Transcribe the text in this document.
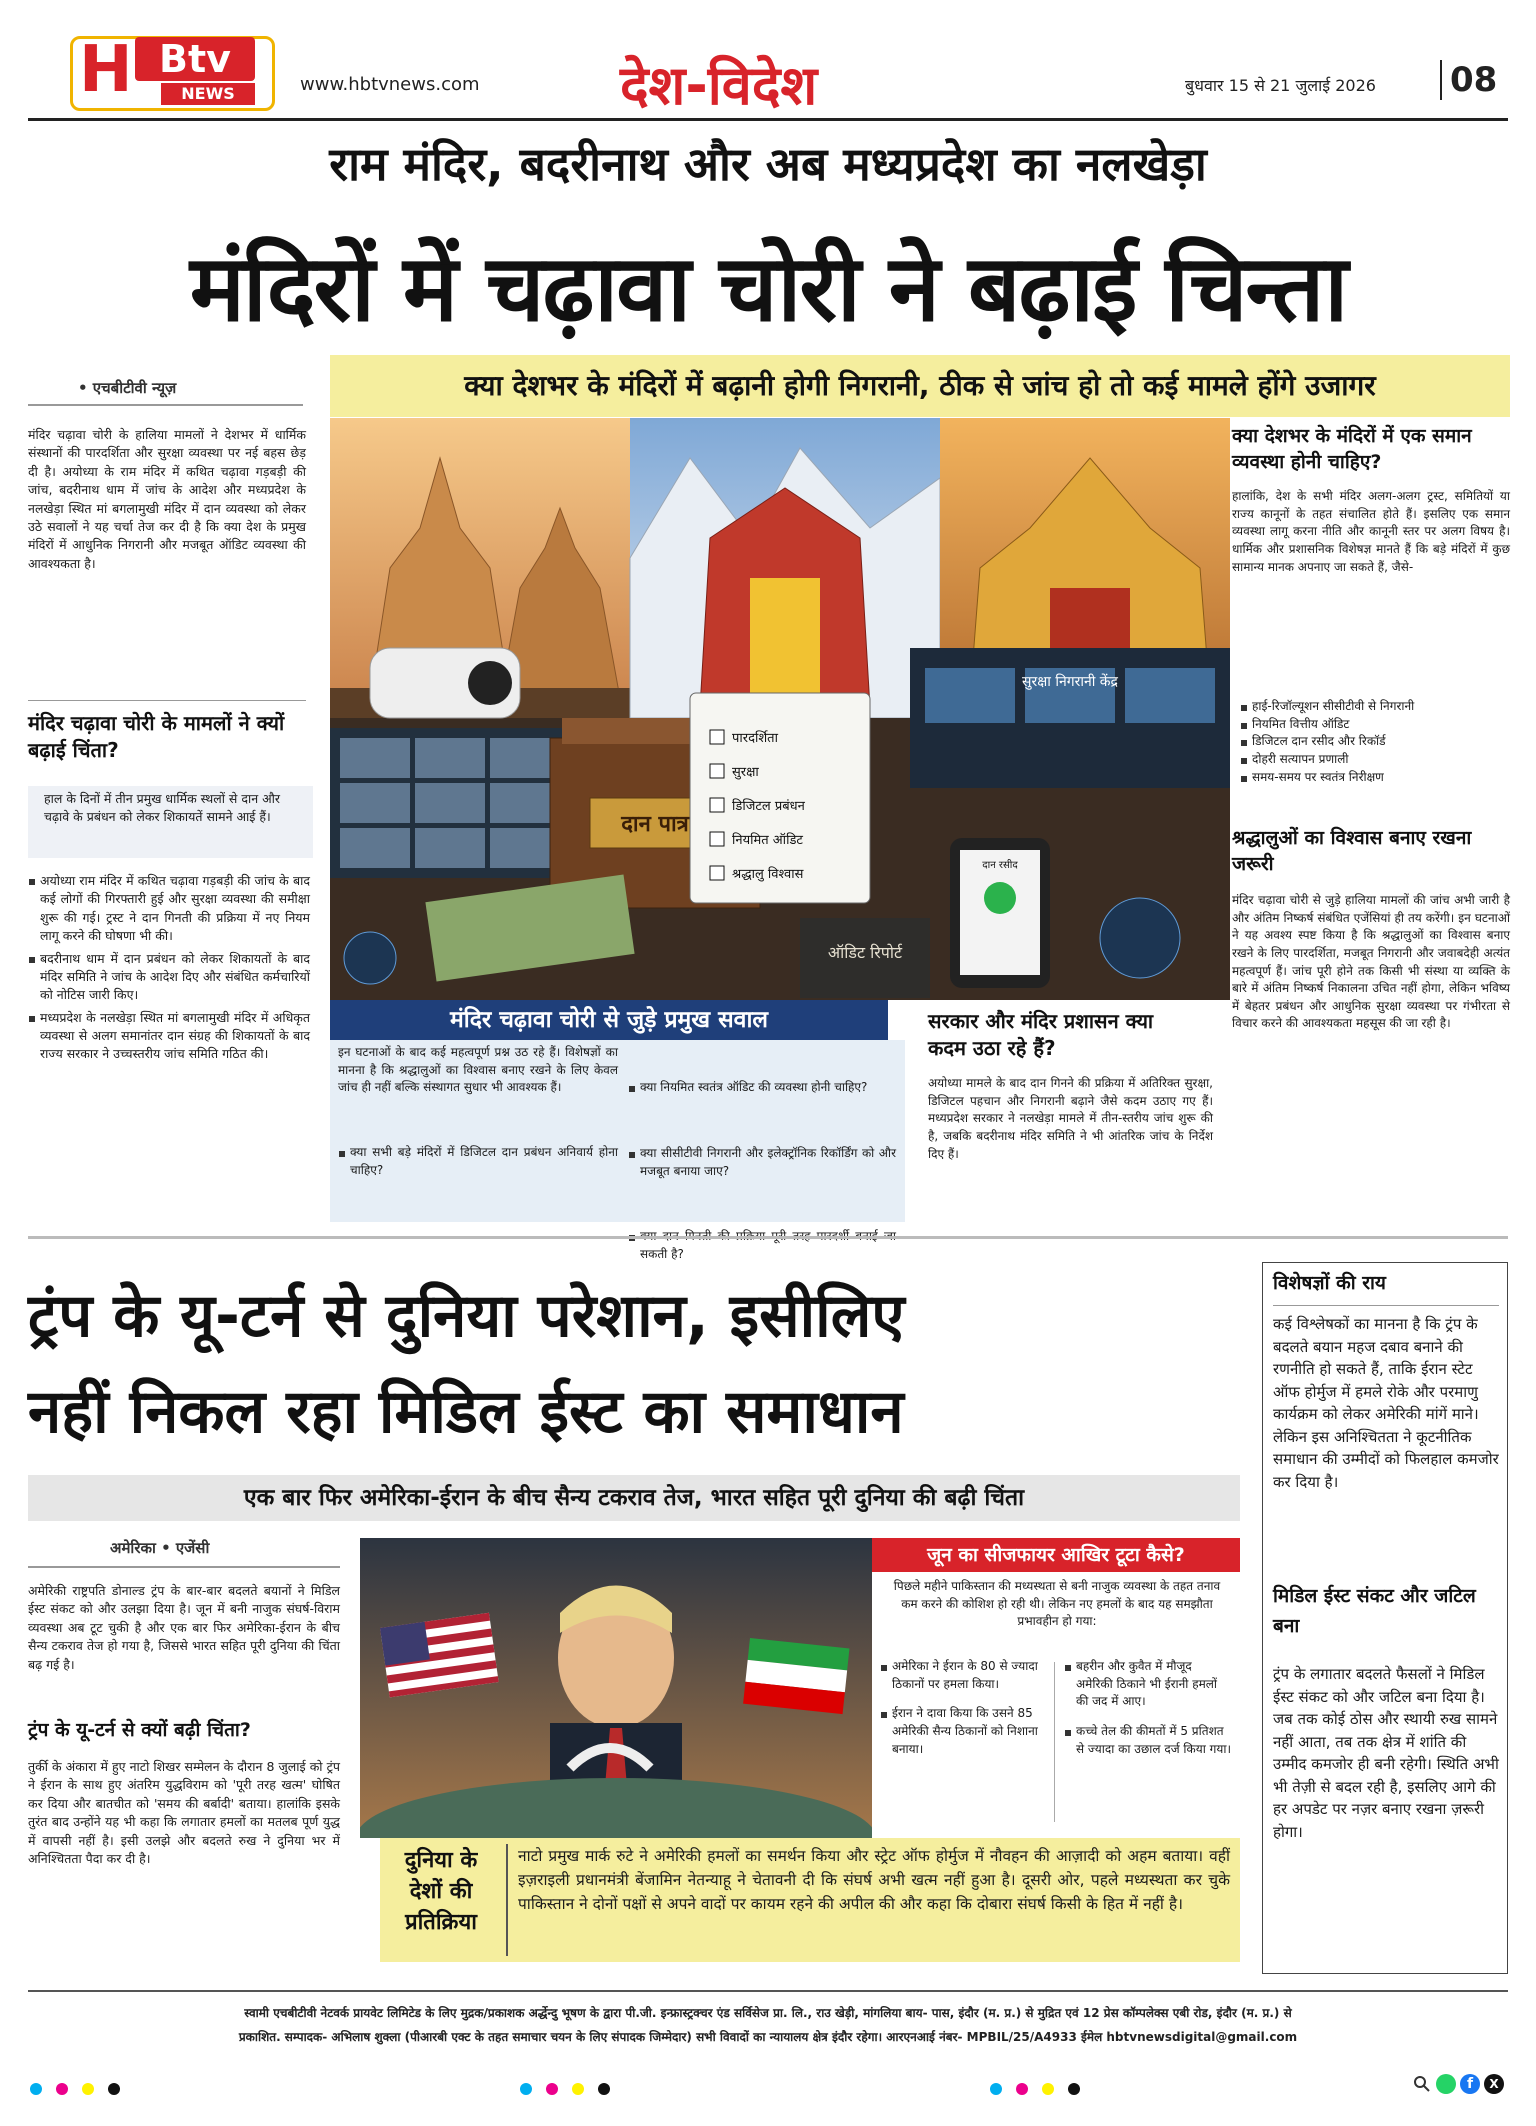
H Btv
NEWS	www.hbtvnews.com	देश-विदेश	बुधवार 15 से 21 जुलाई 2026 08
राम मंदिर, बदरीनाथ और अब मध्यप्रदेश का नलखेड़ा
मंदिरों में चढ़ावा चोरी ने बढ़ाई चिन्ता
क्या देशभर के मंदिरों में बढ़ानी होगी निगरानी, ठीक से जांच हो तो कई मामले होंगे उजागर
• एचबीटीवी न्यूज़
मंदिर चढ़ावा चोरी के हालिया मामलों ने देशभर में धार्मिक संस्थानों की पारदर्शिता और सुरक्षा व्यवस्था पर नई बहस छेड़ दी है। अयोध्या के राम मंदिर में कथित चढ़ावा गड़बड़ी की जांच, बदरीनाथ धाम में जांच के आदेश और मध्यप्रदेश के नलखेड़ा स्थित मां बगलामुखी मंदिर में दान व्यवस्था को लेकर उठे सवालों ने यह चर्चा तेज कर दी है कि क्या देश के प्रमुख मंदिरों में आधुनिक निगरानी और मजबूत ऑडिट व्यवस्था की आवश्यकता है।
मंदिर चढ़ावा चोरी के मामलों ने क्यों बढ़ाई चिंता?
हाल के दिनों में तीन प्रमुख धार्मिक स्थलों से दान और चढ़ावे के प्रबंधन को लेकर शिकायतें सामने आई हैं।
अयोध्या राम मंदिर में कथित चढ़ावा गड़बड़ी की जांच के बाद कई लोगों की गिरफ्तारी हुई और सुरक्षा व्यवस्था की समीक्षा शुरू की गई। ट्रस्ट ने दान गिनती की प्रक्रिया में नए नियम लागू करने की घोषणा भी की।
बदरीनाथ धाम में दान प्रबंधन को लेकर शिकायतों के बाद मंदिर समिति ने जांच के आदेश दिए और संबंधित कर्मचारियों को नोटिस जारी किए।
मध्यप्रदेश के नलखेड़ा स्थित मां बगलामुखी मंदिर में अधिकृत व्यवस्था से अलग समानांतर दान संग्रह की शिकायतों के बाद राज्य सरकार ने उच्चस्तरीय जांच समिति गठित की।
दान पात्र
पारदर्शिता
सुरक्षा
डिजिटल प्रबंधन
नियमित ऑडिट
श्रद्धालु विश्वास
सुरक्षा निगरानी केंद्र
दान रसीद
ऑडिट रिपोर्ट
मंदिर चढ़ावा चोरी से जुड़े प्रमुख सवाल
इन घटनाओं के बाद कई महत्वपूर्ण प्रश्न उठ रहे हैं। विशेषज्ञों का मानना है कि श्रद्धालुओं का विश्वास बनाए रखने के लिए केवल जांच ही नहीं बल्कि संस्थागत सुधार भी आवश्यक हैं।
क्या सभी बड़े मंदिरों में डिजिटल दान प्रबंधन अनिवार्य होना चाहिए?
क्या नियमित स्वतंत्र ऑडिट की व्यवस्था होनी चाहिए?
क्या सीसीटीवी निगरानी और इलेक्ट्रॉनिक रिकॉर्डिंग को और मजबूत बनाया जाए?
सकती है?
सरकार और मंदिर प्रशासन क्या कदम उठा रहे हैं?
अयोध्या मामले के बाद दान गिनने की प्रक्रिया में अतिरिक्त सुरक्षा, डिजिटल पहचान और निगरानी बढ़ाने जैसे कदम उठाए गए हैं। मध्यप्रदेश सरकार ने नलखेड़ा मामले में तीन-स्तरीय जांच शुरू की है, जबकि बदरीनाथ मंदिर समिति ने भी आंतरिक जांच के निर्देश दिए हैं।
क्या देशभर के मंदिरों में एक समान व्यवस्था होनी चाहिए?
हालांकि, देश के सभी मंदिर अलग-अलग ट्रस्ट, समितियों या राज्य कानूनों के तहत संचालित होते हैं। इसलिए एक समान व्यवस्था लागू करना नीति और कानूनी स्तर पर अलग विषय है। धार्मिक और प्रशासनिक विशेषज्ञ मानते हैं कि बड़े मंदिरों में कुछ सामान्य मानक अपनाए जा सकते हैं, जैसे-
हाई-रिजॉल्यूशन सीसीटीवी से निगरानी
नियमित वित्तीय ऑडिट
डिजिटल दान रसीद और रिकॉर्ड
दोहरी सत्यापन प्रणाली
समय-समय पर स्वतंत्र निरीक्षण
श्रद्धालुओं का विश्वास बनाए रखना जरूरी
मंदिर चढ़ावा चोरी से जुड़े हालिया मामलों की जांच अभी जारी है और अंतिम निष्कर्ष संबंधित एजेंसियां ही तय करेंगी। इन घटनाओं ने यह अवश्य स्पष्ट किया है कि श्रद्धालुओं का विश्वास बनाए रखने के लिए पारदर्शिता, मजबूत निगरानी और जवाबदेही अत्यंत महत्वपूर्ण हैं। जांच पूरी होने तक किसी भी संस्था या व्यक्ति के बारे में अंतिम निष्कर्ष निकालना उचित नहीं होगा, लेकिन भविष्य में बेहतर प्रबंधन और आधुनिक सुरक्षा व्यवस्था पर गंभीरता से विचार करने की आवश्यकता महसूस की जा रही है।
ट्रंप के यू-टर्न से दुनिया परेशान, इसीलिए
नहीं निकल रहा मिडिल ईस्ट का समाधान
एक बार फिर अमेरिका-ईरान के बीच सैन्य टकराव तेज, भारत सहित पूरी दुनिया की बढ़ी चिंता
अमेरिका • एजेंसी
अमेरिकी राष्ट्रपति डोनाल्ड ट्रंप के बार-बार बदलते बयानों ने मिडिल ईस्ट संकट को और उलझा दिया है। जून में बनी नाजुक संघर्ष-विराम व्यवस्था अब टूट चुकी है और एक बार फिर अमेरिका-ईरान के बीच सैन्य टकराव तेज हो गया है, जिससे भारत सहित पूरी दुनिया की चिंता बढ़ गई है।
ट्रंप के यू-टर्न से क्यों बढ़ी चिंता?
तुर्की के अंकारा में हुए नाटो शिखर सम्मेलन के दौरान 8 जुलाई को ट्रंप ने ईरान के साथ हुए अंतरिम युद्धविराम को 'पूरी तरह खत्म' घोषित कर दिया और बातचीत को 'समय की बर्बादी' बताया। हालांकि इसके तुरंत बाद उन्होंने यह भी कहा कि लगातार हमलों का मतलब पूर्ण युद्ध में वापसी नहीं है। इसी उलझे और बदलते रुख ने दुनिया भर में अनिश्चितता पैदा कर दी है।
जून का सीजफायर आखिर टूटा कैसे?
पिछले महीने पाकिस्तान की मध्यस्थता से बनी नाजुक व्यवस्था के तहत तनाव कम करने की कोशिश हो रही थी। लेकिन नए हमलों के बाद यह समझौता प्रभावहीन हो गया:
अमेरिका ने ईरान के 80 से ज्यादा ठिकानों पर हमला किया।
ईरान ने दावा किया कि उसने 85 अमेरिकी सैन्य ठिकानों को निशाना बनाया।
बहरीन और कुवैत में मौजूद अमेरिकी ठिकाने भी ईरानी हमलों की जद में आए।
कच्चे तेल की कीमतों में 5 प्रतिशत से ज्यादा का उछाल दर्ज किया गया।
दुनिया के देशों की प्रतिक्रिया
नाटो प्रमुख मार्क रुटे ने अमेरिकी हमलों का समर्थन किया और स्ट्रेट ऑफ होर्मुज में नौवहन की आज़ादी को अहम बताया। वहीं इज़राइली प्रधानमंत्री बेंजामिन नेतन्याहू ने चेतावनी दी कि संघर्ष अभी खत्म नहीं हुआ है। दूसरी ओर, पहले मध्यस्थता कर चुके पाकिस्तान ने दोनों पक्षों से अपने वादों पर कायम रहने की अपील की और कहा कि दोबारा संघर्ष किसी के हित में नहीं है।
विशेषज्ञों की राय
कई विश्लेषकों का मानना है कि ट्रंप के बदलते बयान महज दबाव बनाने की रणनीति हो सकते हैं, ताकि ईरान स्टेट ऑफ होर्मुज में हमले रोके और परमाणु कार्यक्रम को लेकर अमेरिकी मांगें माने। लेकिन इस अनिश्चितता ने कूटनीतिक समाधान की उम्मीदों को फिलहाल कमजोर कर दिया है।
मिडिल ईस्ट संकट और जटिल बना
ट्रंप के लगातार बदलते फैसलों ने मिडिल ईस्ट संकट को और जटिल बना दिया है। जब तक कोई ठोस और स्थायी रुख सामने नहीं आता, तब तक क्षेत्र में शांति की उम्मीद कमजोर ही बनी रहेगी। स्थिति अभी भी तेज़ी से बदल रही है, इसलिए आगे की हर अपडेट पर नज़र बनाए रखना ज़रूरी होगा।
स्वामी एचबीटीवी नेटवर्क प्रायवेट लिमिटेड के लिए मुद्रक/प्रकाशक अर्द्धेन्दु भूषण के द्वारा पी.जी. इन्फ्रास्ट्रक्चर एंड सर्विसेज प्रा. लि., राउ खेड़ी, मांगलिया बाय- पास, इंदौर (म. प्र.) से मुद्रित एवं 12 प्रेस कॉम्पलेक्स एबी रोड, इंदौर (म. प्र.) से
प्रकाशित. सम्पादक- अभिलाष शुक्ला (पीआरबी एक्ट के तहत समाचार चयन के लिए संपादक जिम्मेदार) सभी विवादों का न्यायालय क्षेत्र इंदौर रहेगा। आरएनआई नंबर- MPBIL/25/A4933 ईमेल hbtvnewsdigital@gmail.com
f	X
